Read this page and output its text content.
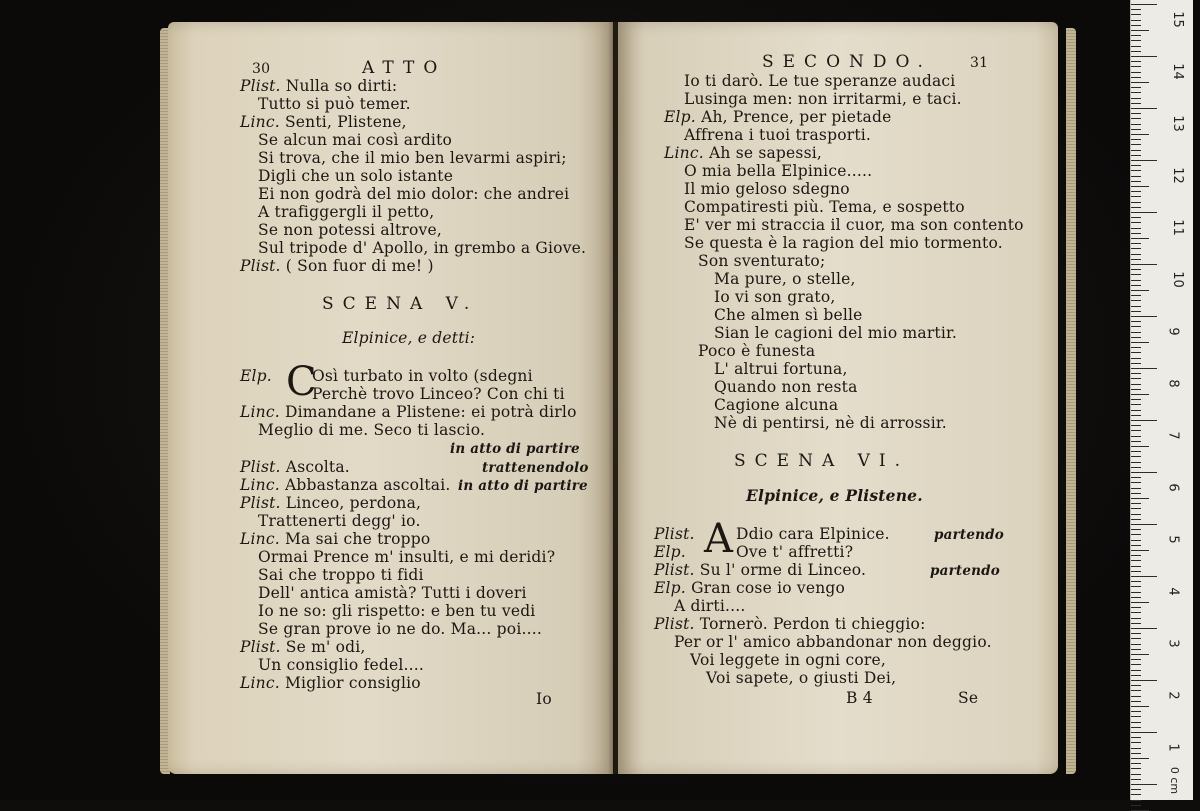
30	ATTO
Plist. Nulla so dirti:
Tutto si può temer.
Linc. Senti, Plistene,
Se alcun mai così ardito
Si trova, che il mio ben levarmi aspiri;
Digli che un solo istante
Ei non godrà del mio dolor: che andrei
A trafiggergli il petto,
Se non potessi altrove,
Sul tripode d' Apollo, in grembo a Giove.
Plist. ( Son fuor di me! )
SCENA V.
Elpinice, e detti:
C
Elp.	Osì turbato in volto (sdegni
Perchè trovo Linceo? Con chi ti
Linc. Dimandane a Plistene: ei potrà dirlo
Meglio di me. Seco ti lascio.
in atto di partire
Plist. Ascolta.	trattenendolo
Linc. Abbastanza ascoltai. in atto di partire
Plist. Linceo, perdona,
Trattenerti degg' io.
Linc. Ma sai che troppo
Ormai Prence m' insulti, e mi deridi?
Sai che troppo ti fidi
Dell' antica amistà? Tutti i doveri
Io ne so: gli rispetto: e ben tu vedi
Se gran prove io ne do. Ma... poi....
Plist. Se m' odi,
Un consiglio fedel....
Linc. Miglior consiglio
Io
SECONDO.	31
Io ti darò. Le tue speranze audaci
Lusinga men: non irritarmi, e taci.
Elp. Ah, Prence, per pietade
Affrena i tuoi trasporti.
Linc. Ah se sapessi,
O mia bella Elpinice.....
Il mio geloso sdegno
Compatiresti più. Tema, e sospetto
E' ver mi straccia il cuor, ma son contento
Se questa è la ragion del mio tormento.
Son sventurato;
Ma pure, o stelle,
Io vi son grato,
Che almen sì belle
Sian le cagioni del mio martir.
Poco è funesta
L' altrui fortuna,
Quando non resta
Cagione alcuna
Nè di pentirsi, nè di arrossir.
SCENA VI.
Elpinice, e Plistene.
A
Plist.	Ddio cara Elpinice.	partendo
Elp.	Ove t' affretti?
Plist. Su l' orme di Linceo.	partendo
Elp. Gran cose io vengo
A dirti....
Plist. Tornerò. Perdon ti chieggio:
Per or l' amico abbandonar non deggio.
Voi leggete in ogni core,
Voi sapete, o giusti Dei,
B 4	Se
15
14
13
12
11
10
9
8
7
6
5
4
3
2
1
0 cm
